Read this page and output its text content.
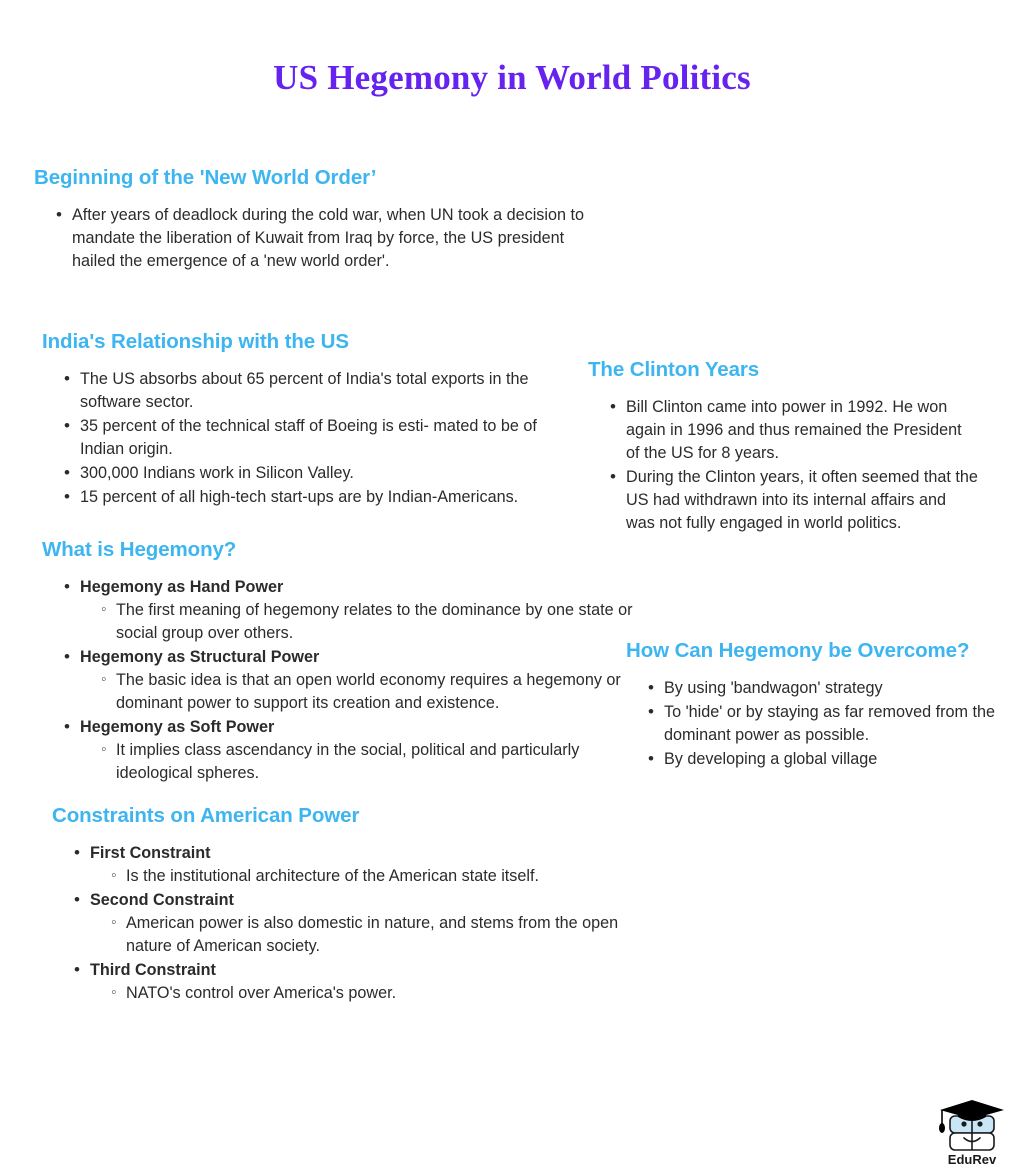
US Hegemony in World Politics
Beginning of the 'New World Order’
• After years of deadlock during the cold war, when UN took a decision to mandate the liberation of Kuwait from Iraq by force, the US president hailed the emergence of a 'new world order'.
India's Relationship with the US
• The US absorbs about 65 percent of India's total exports in the software sector.
• 35 percent of the technical staff of Boeing is esti- mated to be of Indian origin.
• 300,000 Indians work in Silicon Valley.
• 15 percent of all high-tech start-ups are by Indian-Americans.
The Clinton Years
• Bill Clinton came into power in 1992. He won again in 1996 and thus remained the President of the US for 8 years.
• During the Clinton years, it often seemed that the US had withdrawn into its internal affairs and was not fully engaged in world politics.
What is Hegemony?
• Hegemony as Hand Power
◦ The first meaning of hegemony relates to the dominance by one state or social group over others.
• Hegemony as Structural Power
◦ The basic idea is that an open world economy requires a hegemony or dominant power to support its creation and existence.
• Hegemony as Soft Power
◦ It implies class ascendancy in the social, political and particularly ideological spheres.
How Can Hegemony be Overcome?
• By using 'bandwagon' strategy
• To 'hide' or by staying as far removed from the dominant power as possible.
• By developing a global village
Constraints on American Power
• First Constraint
◦ Is the institutional architecture of the American state itself.
• Second Constraint
◦ American power is also domestic in nature, and stems from the open nature of American society.
• Third Constraint
◦ NATO's control over America's power.
EduRev
